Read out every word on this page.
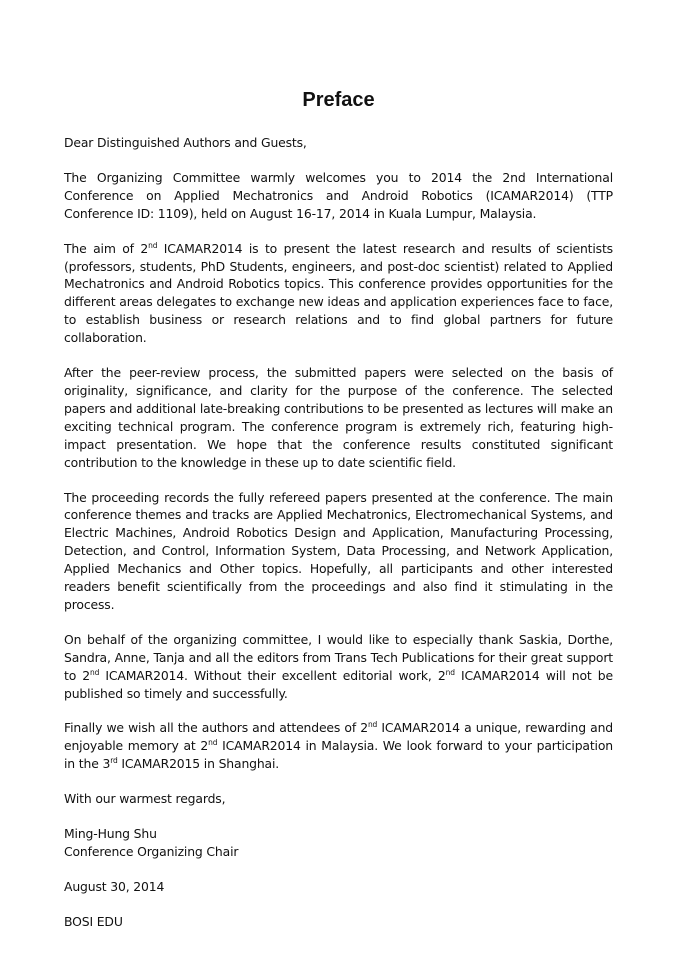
Preface

Dear Distinguished Authors and Guests,

The Organizing Committee warmly welcomes you to 2014 the 2nd International Conference on Applied Mechatronics and Android Robotics (ICAMAR2014) (TTP Conference ID: 1109), held on August 16-17, 2014 in Kuala Lumpur, Malaysia.

The aim of 2nd ICAMAR2014 is to present the latest research and results of scientists (professors, students, PhD Students, engineers, and post-doc scientist) related to Applied Mechatronics and Android Robotics topics. This conference provides opportunities for the different areas delegates to exchange new ideas and application experiences face to face, to establish business or research relations and to find global partners for future collaboration.

After the peer-review process, the submitted papers were selected on the basis of originality, significance, and clarity for the purpose of the conference. The selected papers and additional late-breaking contributions to be presented as lectures will make an exciting technical program. The conference program is extremely rich, featuring high-impact presentation. We hope that the conference results constituted significant contribution to the knowledge in these up to date scientific field.

The proceeding records the fully refereed papers presented at the conference. The main conference themes and tracks are Applied Mechatronics, Electromechanical Systems, and Electric Machines, Android Robotics Design and Application, Manufacturing Processing, Detection, and Control, Information System, Data Processing, and Network Application, Applied Mechanics and Other topics. Hopefully, all participants and other interested readers benefit scientifically from the proceedings and also find it stimulating in the process.

On behalf of the organizing committee, I would like to especially thank Saskia, Dorthe, Sandra, Anne, Tanja and all the editors from Trans Tech Publications for their great support to 2nd ICAMAR2014. Without their excellent editorial work, 2nd ICAMAR2014 will not be published so timely and successfully.

Finally we wish all the authors and attendees of 2nd ICAMAR2014 a unique, rewarding and enjoyable memory at 2nd ICAMAR2014 in Malaysia. We look forward to your participation in the 3rd ICAMAR2015 in Shanghai.

With our warmest regards,

Ming-Hung Shu
Conference Organizing Chair

August 30, 2014

BOSI EDU
